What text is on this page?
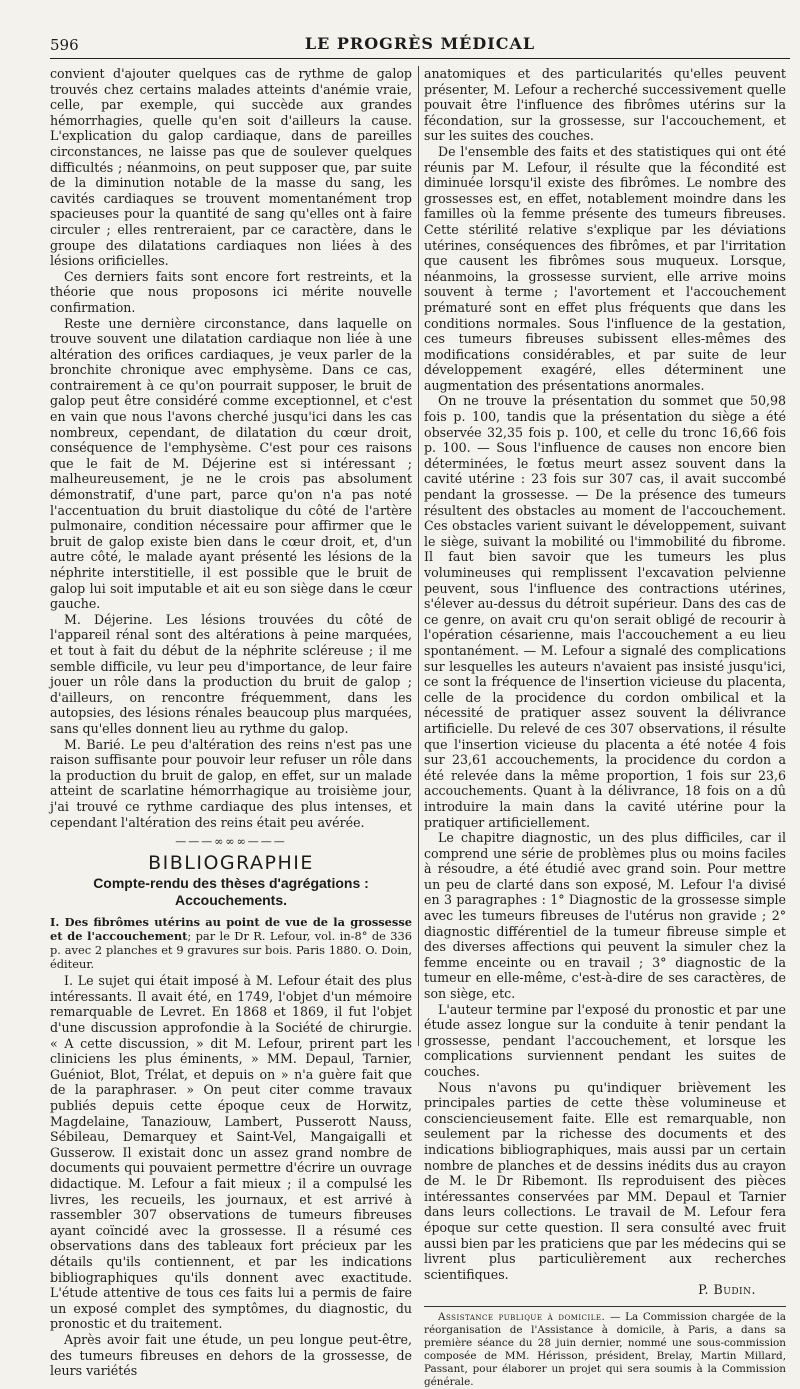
596	LE PROGRÈS MÉDICAL

convient d'ajouter quelques cas de rythme de galop trouvés chez certains malades atteints d'anémie vraie, celle, par exemple, qui succède aux grandes hémorrhagies, quelle qu'en soit d'ailleurs la cause. L'explication du galop cardiaque, dans de pareilles circonstances, ne laisse pas que de soulever quelques difficultés ; néanmoins, on peut supposer que, par suite de la diminution notable de la masse du sang, les cavités cardiaques se trouvent momentanément trop spacieuses pour la quantité de sang qu'elles ont à faire circuler ; elles rentreraient, par ce caractère, dans le groupe des dilatations cardiaques non liées à des lésions orificielles.

Ces derniers faits sont encore fort restreints, et la théorie que nous proposons ici mérite nouvelle confirmation.

Reste une dernière circonstance, dans laquelle on trouve souvent une dilatation cardiaque non liée à une altération des orifices cardiaques, je veux parler de la bronchite chronique avec emphysème. Dans ce cas, contrairement à ce qu'on pourrait supposer, le bruit de galop peut être considéré comme exceptionnel, et c'est en vain que nous l'avons cherché jusqu'ici dans les cas nombreux, cependant, de dilatation du cœur droit, conséquence de l'emphysème. C'est pour ces raisons que le fait de M. Déjerine est si intéressant ; malheureusement, je ne le crois pas absolument démonstratif, d'une part, parce qu'on n'a pas noté l'accentuation du bruit diastolique du côté de l'artère pulmonaire, condition nécessaire pour affirmer que le bruit de galop existe bien dans le cœur droit, et, d'un autre côté, le malade ayant présenté les lésions de la néphrite interstitielle, il est possible que le bruit de galop lui soit imputable et ait eu son siège dans le cœur gauche.

M. Déjerine. Les lésions trouvées du côté de l'appareil rénal sont des altérations à peine marquées, et tout à fait du début de la néphrite scléreuse ; il me semble difficile, vu leur peu d'importance, de leur faire jouer un rôle dans la production du bruit de galop ; d'ailleurs, on rencontre fréquemment, dans les autopsies, des lésions rénales beaucoup plus marquées, sans qu'elles donnent lieu au rythme du galop.

M. Barié. Le peu d'altération des reins n'est pas une raison suffisante pour pouvoir leur refuser un rôle dans la production du bruit de galop, en effet, sur un malade atteint de scarlatine hémorrhagique au troisième jour, j'ai trouvé ce rythme cardiaque des plus intenses, et cependant l'altération des reins était peu avérée.

———∞∞∞———
BIBLIOGRAPHIE
Compte-rendu des thèses d'agrégations : Accouchements.

I. Des fibrômes utérins au point de vue de la grossesse et de l'accouchement; par le Dr R. Lefour, vol. in-8° de 336 p. avec 2 planches et 9 gravures sur bois. Paris 1880. O. Doin, éditeur.

I. Le sujet qui était imposé à M. Lefour était des plus intéressants. Il avait été, en 1749, l'objet d'un mémoire remarquable de Levret. En 1868 et 1869, il fut l'objet d'une discussion approfondie à la Société de chirurgie. « A cette discussion, » dit M. Lefour, prirent part les cliniciens les plus éminents, » MM. Depaul, Tarnier, Guéniot, Blot, Trélat, et depuis on » n'a guère fait que de la paraphraser. » On peut citer comme travaux publiés depuis cette époque ceux de Horwitz, Magdelaine, Tanaziouw, Lambert, Pusserott Nauss, Sébileau, Demarquey et Saint-Vel, Mangaigalli et Gusserow. Il existait donc un assez grand nombre de documents qui pouvaient permettre d'écrire un ouvrage didactique. M. Lefour a fait mieux ; il a compulsé les livres, les recueils, les journaux, et est arrivé à rassembler 307 observations de tumeurs fibreuses ayant coïncidé avec la grossesse. Il a résumé ces observations dans des tableaux fort précieux par les détails qu'ils contiennent, et par les indications bibliographiques qu'ils donnent avec exactitude. L'étude attentive de tous ces faits lui a permis de faire un exposé complet des symptômes, du diagnostic, du pronostic et du traitement.

Après avoir fait une étude, un peu longue peut-être, des tumeurs fibreuses en dehors de la grossesse, de leurs variétés

anatomiques et des particularités qu'elles peuvent présenter, M. Lefour a recherché successivement quelle pouvait être l'influence des fibrômes utérins sur la fécondation, sur la grossesse, sur l'accouchement, et sur les suites des couches.

De l'ensemble des faits et des statistiques qui ont été réunis par M. Lefour, il résulte que la fécondité est diminuée lorsqu'il existe des fibrômes. Le nombre des grossesses est, en effet, notablement moindre dans les familles où la femme présente des tumeurs fibreuses. Cette stérilité relative s'explique par les déviations utérines, conséquences des fibrômes, et par l'irritation que causent les fibrômes sous muqueux. Lorsque, néanmoins, la grossesse survient, elle arrive moins souvent à terme ; l'avortement et l'accouchement prématuré sont en effet plus fréquents que dans les conditions normales. Sous l'influence de la gestation, ces tumeurs fibreuses subissent elles-mêmes des modifications considérables, et par suite de leur développement exagéré, elles déterminent une augmentation des présentations anormales.

On ne trouve la présentation du sommet que 50,98 fois p. 100, tandis que la présentation du siège a été observée 32,35 fois p. 100, et celle du tronc 16,66 fois p. 100. — Sous l'influence de causes non encore bien déterminées, le fœtus meurt assez souvent dans la cavité utérine : 23 fois sur 307 cas, il avait succombé pendant la grossesse. — De la présence des tumeurs résultent des obstacles au moment de l'accouchement. Ces obstacles varient suivant le développement, suivant le siège, suivant la mobilité ou l'immobilité du fibrome. Il faut bien savoir que les tumeurs les plus volumineuses qui remplissent l'excavation pelvienne peuvent, sous l'influence des contractions utérines, s'élever au-dessus du détroit supérieur. Dans des cas de ce genre, on avait cru qu'on serait obligé de recourir à l'opération césarienne, mais l'accouchement a eu lieu spontanément. — M. Lefour a signalé des complications sur lesquelles les auteurs n'avaient pas insisté jusqu'ici, ce sont la fréquence de l'insertion vicieuse du placenta, celle de la procidence du cordon ombilical et la nécessité de pratiquer assez souvent la délivrance artificielle. Du relevé de ces 307 observations, il résulte que l'insertion vicieuse du placenta a été notée 4 fois sur 23,61 accouchements, la procidence du cordon a été relevée dans la même proportion, 1 fois sur 23,6 accouchements. Quant à la délivrance, 18 fois on a dû introduire la main dans la cavité utérine pour la pratiquer artificiellement.

Le chapitre diagnostic, un des plus difficiles, car il comprend une série de problèmes plus ou moins faciles à résoudre, a été étudié avec grand soin. Pour mettre un peu de clarté dans son exposé, M. Lefour l'a divisé en 3 paragraphes : 1° Diagnostic de la grossesse simple avec les tumeurs fibreuses de l'utérus non gravide ; 2° diagnostic différentiel de la tumeur fibreuse simple et des diverses affections qui peuvent la simuler chez la femme enceinte ou en travail ; 3° diagnostic de la tumeur en elle-même, c'est-à-dire de ses caractères, de son siège, etc.

L'auteur termine par l'exposé du pronostic et par une étude assez longue sur la conduite à tenir pendant la grossesse, pendant l'accouchement, et lorsque les complications surviennent pendant les suites de couches.

Nous n'avons pu qu'indiquer brièvement les principales parties de cette thèse volumineuse et consciencieusement faite. Elle est remarquable, non seulement par la richesse des documents et des indications bibliographiques, mais aussi par un certain nombre de planches et de dessins inédits dus au crayon de M. le Dr Ribemont. Ils reproduisent des pièces intéressantes conservées par MM. Depaul et Tarnier dans leurs collections. Le travail de M. Lefour fera époque sur cette question. Il sera consulté avec fruit aussi bien par les praticiens que par les médecins qui se livrent plus particulièrement aux recherches scientifiques.

P. Budin.

Assistance publique à domicile. — La Commission chargée de la réorganisation de l'Assistance à domicile, à Paris, a dans sa première séance du 28 juin dernier, nommé une sous-commission composée de MM. Hérisson, président, Brelay, Martin Millard, Passant, pour élaborer un projet qui sera soumis à la Commission générale.
